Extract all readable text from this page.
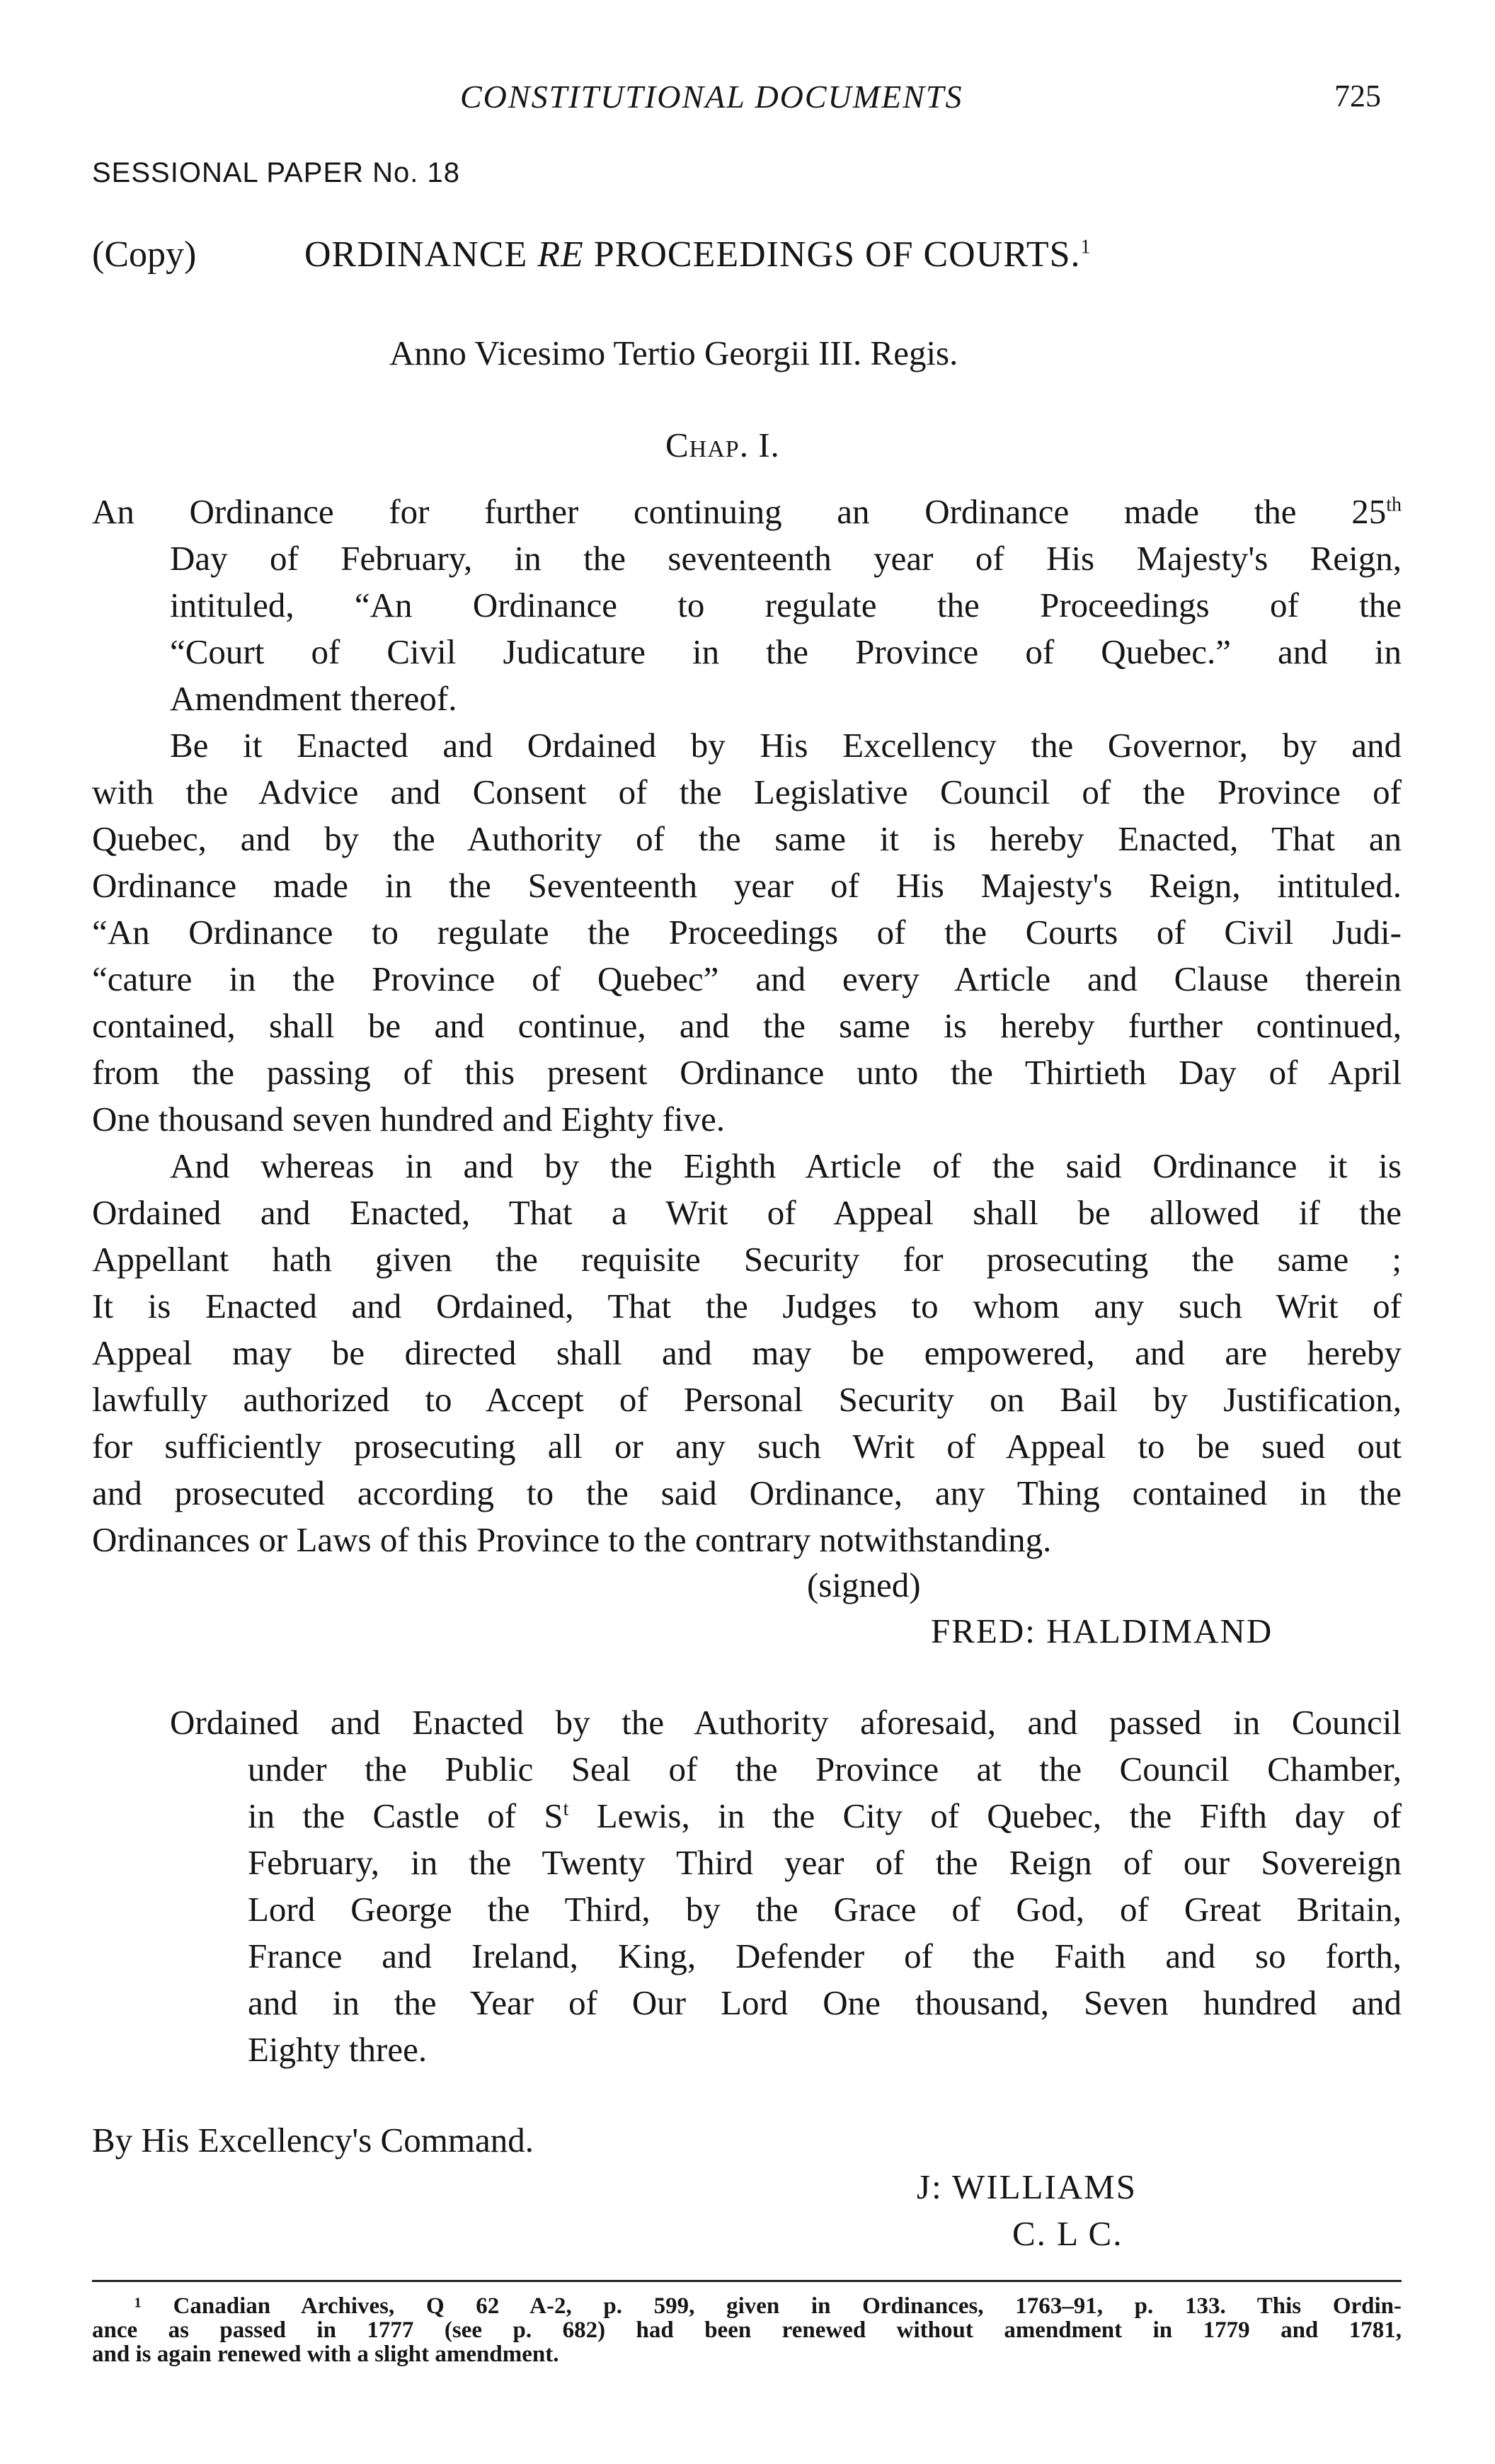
CONSTITUTIONAL DOCUMENTS	725
SESSIONAL PAPER No. 18
(Copy)	ORDINANCE RE PROCEEDINGS OF COURTS.$^1$
Anno Vicesimo Tertio Georgii III. Regis.
Chap. I.
An Ordinance for further continuing an Ordinance made the 25th
Day of February, in the seventeenth year of His Majesty's Reign,
intituled, “An Ordinance to regulate the Proceedings of the
“Court of Civil Judicature in the Province of Quebec.” and in
Amendment thereof.
Be it Enacted and Ordained by His Excellency the Governor, by and
with the Advice and Consent of the Legislative Council of the Province of
Quebec, and by the Authority of the same it is hereby Enacted, That an
Ordinance made in the Seventeenth year of His Majesty's Reign, intituled.
“An Ordinance to regulate the Proceedings of the Courts of Civil Judi-
“cature in the Province of Quebec” and every Article and Clause therein
contained, shall be and continue, and the same is hereby further continued,
from the passing of this present Ordinance unto the Thirtieth Day of April
One thousand seven hundred and Eighty five.
And whereas in and by the Eighth Article of the said Ordinance it is
Ordained and Enacted, That a Writ of Appeal shall be allowed if the
Appellant hath given the requisite Security for prosecuting the same ;
It is Enacted and Ordained, That the Judges to whom any such Writ of
Appeal may be directed shall and may be empowered, and are hereby
lawfully authorized to Accept of Personal Security on Bail by Justification,
for sufficiently prosecuting all or any such Writ of Appeal to be sued out
and prosecuted according to the said Ordinance, any Thing contained in the
Ordinances or Laws of this Province to the contrary notwithstanding.
(signed)
FRED: HALDIMAND
Ordained and Enacted by the Authority aforesaid, and passed in Council
under the Public Seal of the Province at the Council Chamber,
in the Castle of $S^t$ Lewis, in the City of Quebec, the Fifth day of
February, in the Twenty Third year of the Reign of our Sovereign
Lord George the Third, by the Grace of God, of Great Britain,
France and Ireland, King, Defender of the Faith and so forth,
and in the Year of Our Lord One thousand, Seven hundred and
Eighty three.
By His Excellency's Command.
J: WILLIAMS
C. L C.
¹ Canadian Archives, Q 62 A-2, p. 599, given in Ordinances, 1763–91, p. 133. This Ordin-
ance as passed in 1777 (see p. 682) had been renewed without amendment in 1779 and 1781,
and is again renewed with a slight amendment.
